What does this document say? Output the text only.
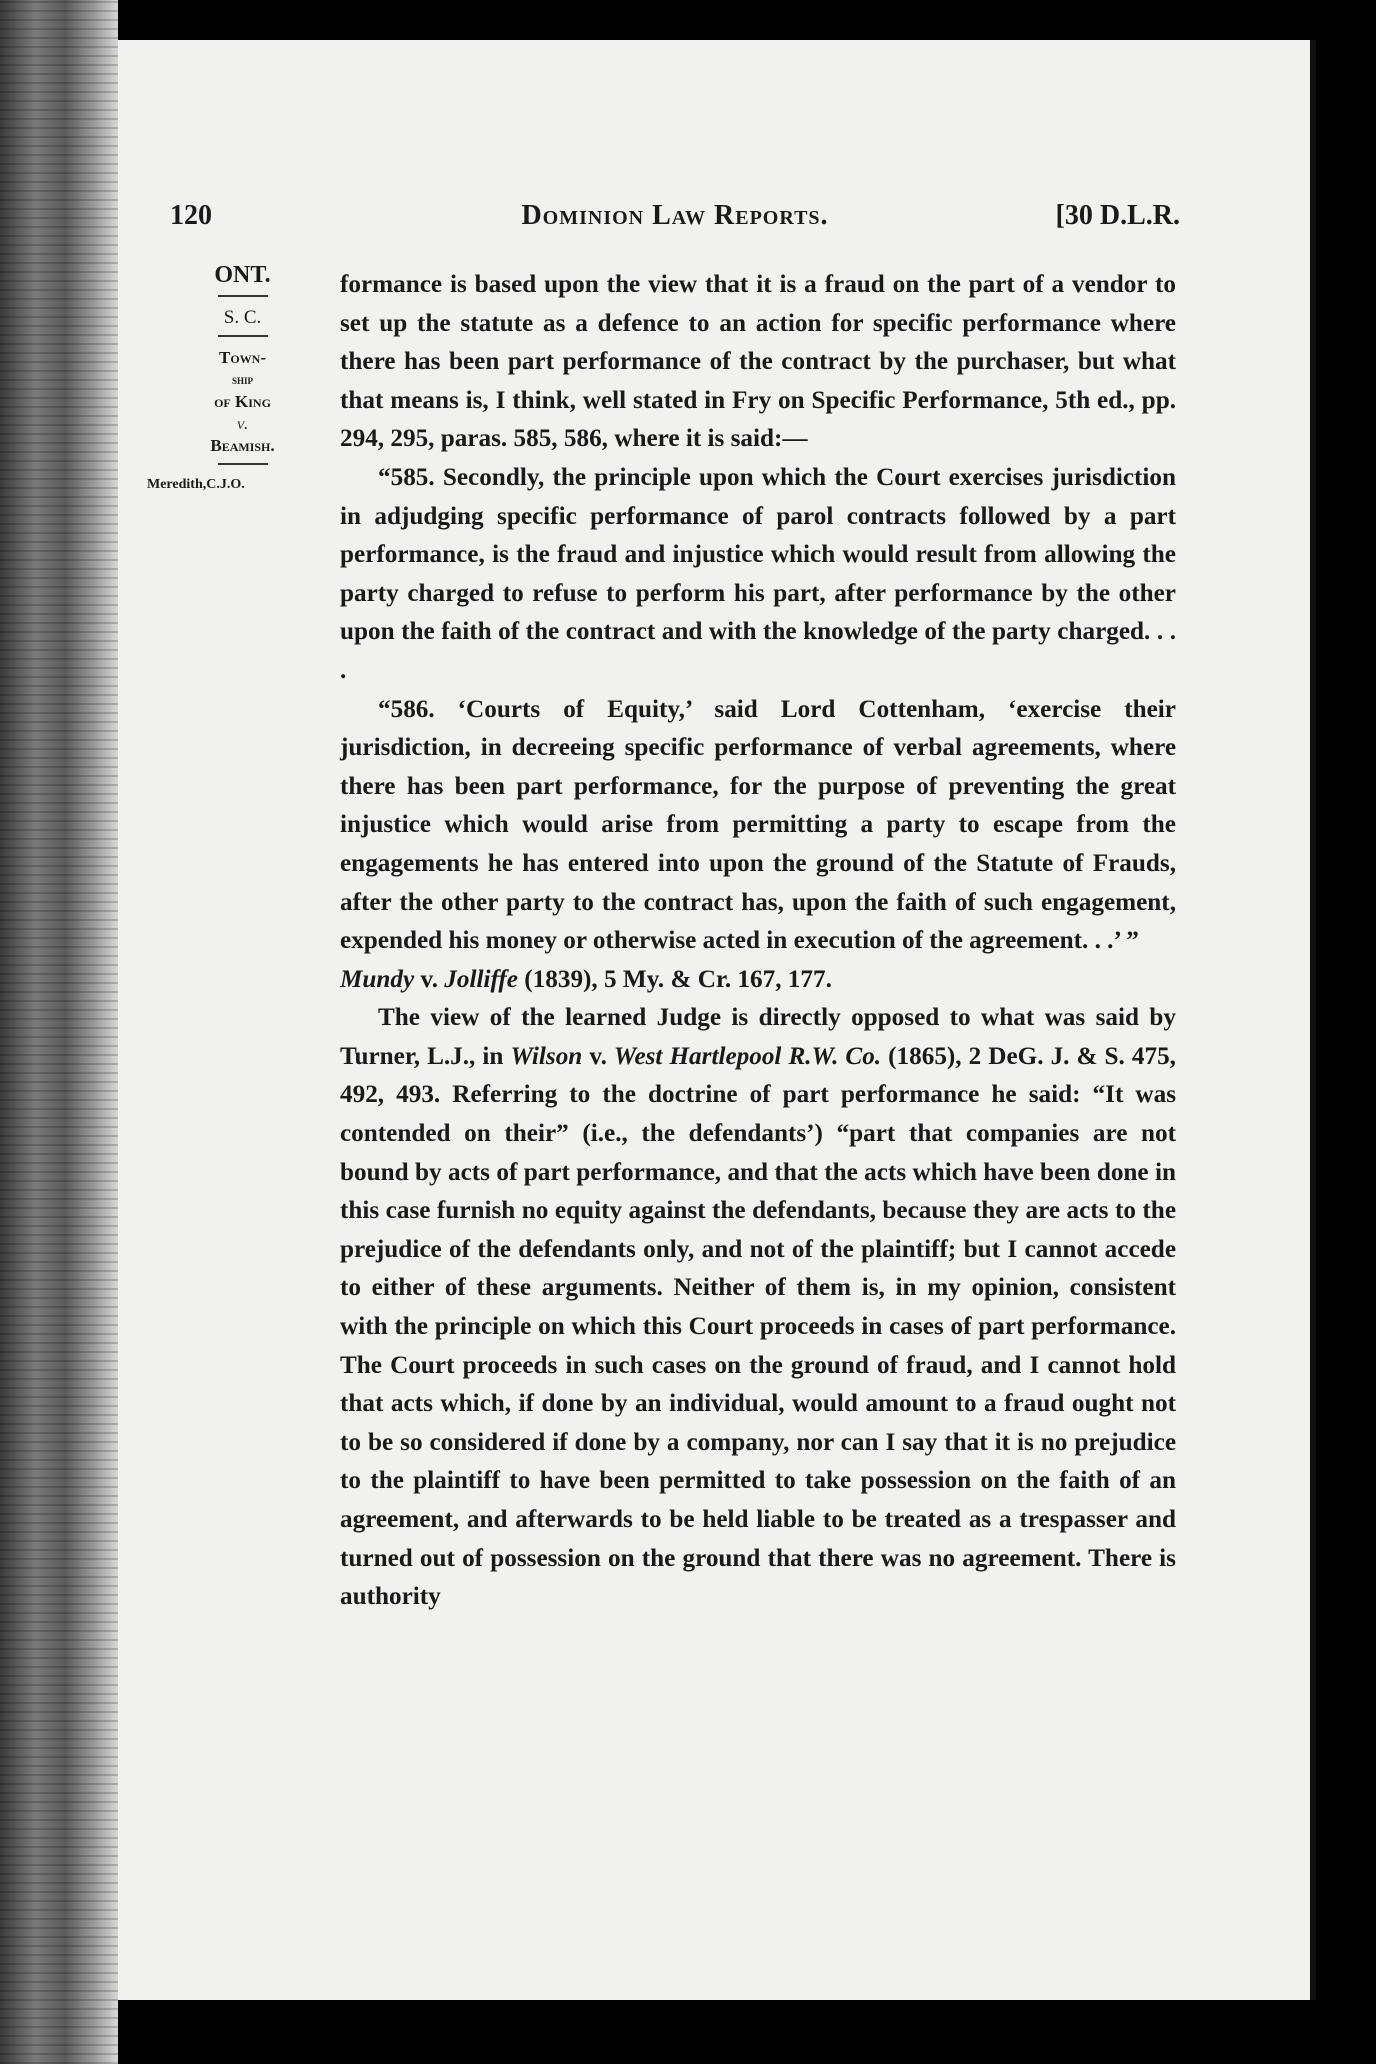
120	Dominion Law Reports.	[30 D.L.R.
ONT.
S. C.
Town-
ship
of King
v.
Beamish.
Meredith,C.J.O.

formance is based upon the view that it is a fraud on the part of a vendor to set up the statute as a defence to an action for specific performance where there has been part performance of the contract by the purchaser, but what that means is, I think, well stated in Fry on Specific Performance, 5th ed., pp. 294, 295, paras. 585, 586, where it is said:—

“585. Secondly, the principle upon which the Court exercises jurisdiction in adjudging specific performance of parol contracts followed by a part performance, is the fraud and injustice which would result from allowing the party charged to refuse to perform his part, after performance by the other upon the faith of the contract and with the knowledge of the party charged. . . .

“586. ‘Courts of Equity,’ said Lord Cottenham, ‘exercise their jurisdiction, in decreeing specific performance of verbal agreements, where there has been part performance, for the purpose of preventing the great injustice which would arise from permitting a party to escape from the engagements he has entered into upon the ground of the Statute of Frauds, after the other party to the contract has, upon the faith of such engagement, expended his money or otherwise acted in execution of the agreement. . .’ ”

Mundy v. Jolliffe (1839), 5 My. & Cr. 167, 177.

The view of the learned Judge is directly opposed to what was said by Turner, L.J., in Wilson v. West Hartlepool R.W. Co. (1865), 2 DeG. J. & S. 475, 492, 493. Referring to the doctrine of part performance he said: “It was contended on their” (i.e., the defendants’) “part that companies are not bound by acts of part performance, and that the acts which have been done in this case furnish no equity against the defendants, because they are acts to the prejudice of the defendants only, and not of the plaintiff; but I cannot accede to either of these arguments. Neither of them is, in my opinion, consistent with the principle on which this Court proceeds in cases of part performance. The Court proceeds in such cases on the ground of fraud, and I cannot hold that acts which, if done by an individual, would amount to a fraud ought not to be so considered if done by a company, nor can I say that it is no prejudice to the plaintiff to have been permitted to take possession on the faith of an agreement, and afterwards to be held liable to be treated as a trespasser and turned out of possession on the ground that there was no agreement. There is authority
